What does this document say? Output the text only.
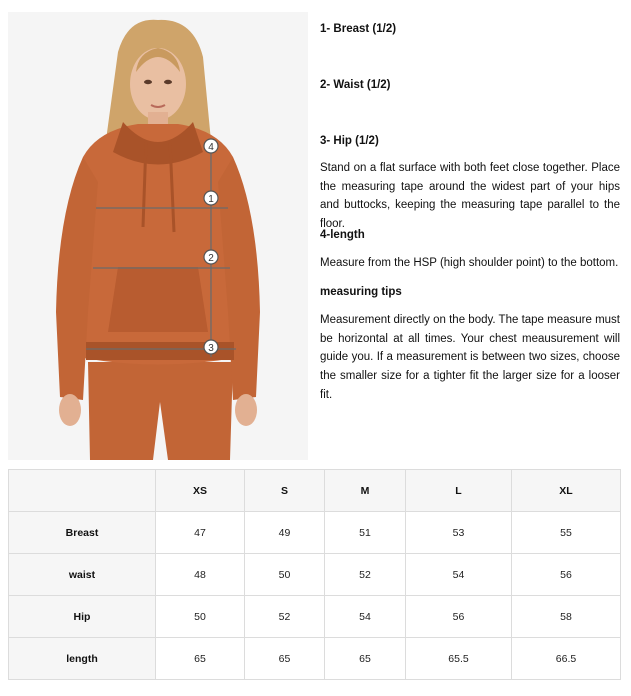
1
2
3
4
1- Breast (1/2)
2- Waist (1/2)
3- Hip (1/2)
Stand on a flat surface with both feet close together. Place the measuring tape around the widest part of your hips and buttocks, keeping the measuring tape parallel to the floor.
4-length
Measure from the HSP (high shoulder point) to the bottom.
measuring tips
Measurement directly on the body. The tape measure must be horizontal at all times. Your chest meausurement will guide you. If a measurement is between two sizes, choose the smaller size for a tighter fit the larger size for a looser fit.
	XS	S	M	L	XL
Breast	47	49	51	53	55
waist	48	50	52	54	56
Hip	50	52	54	56	58
length	65	65	65	65.5	66.5
